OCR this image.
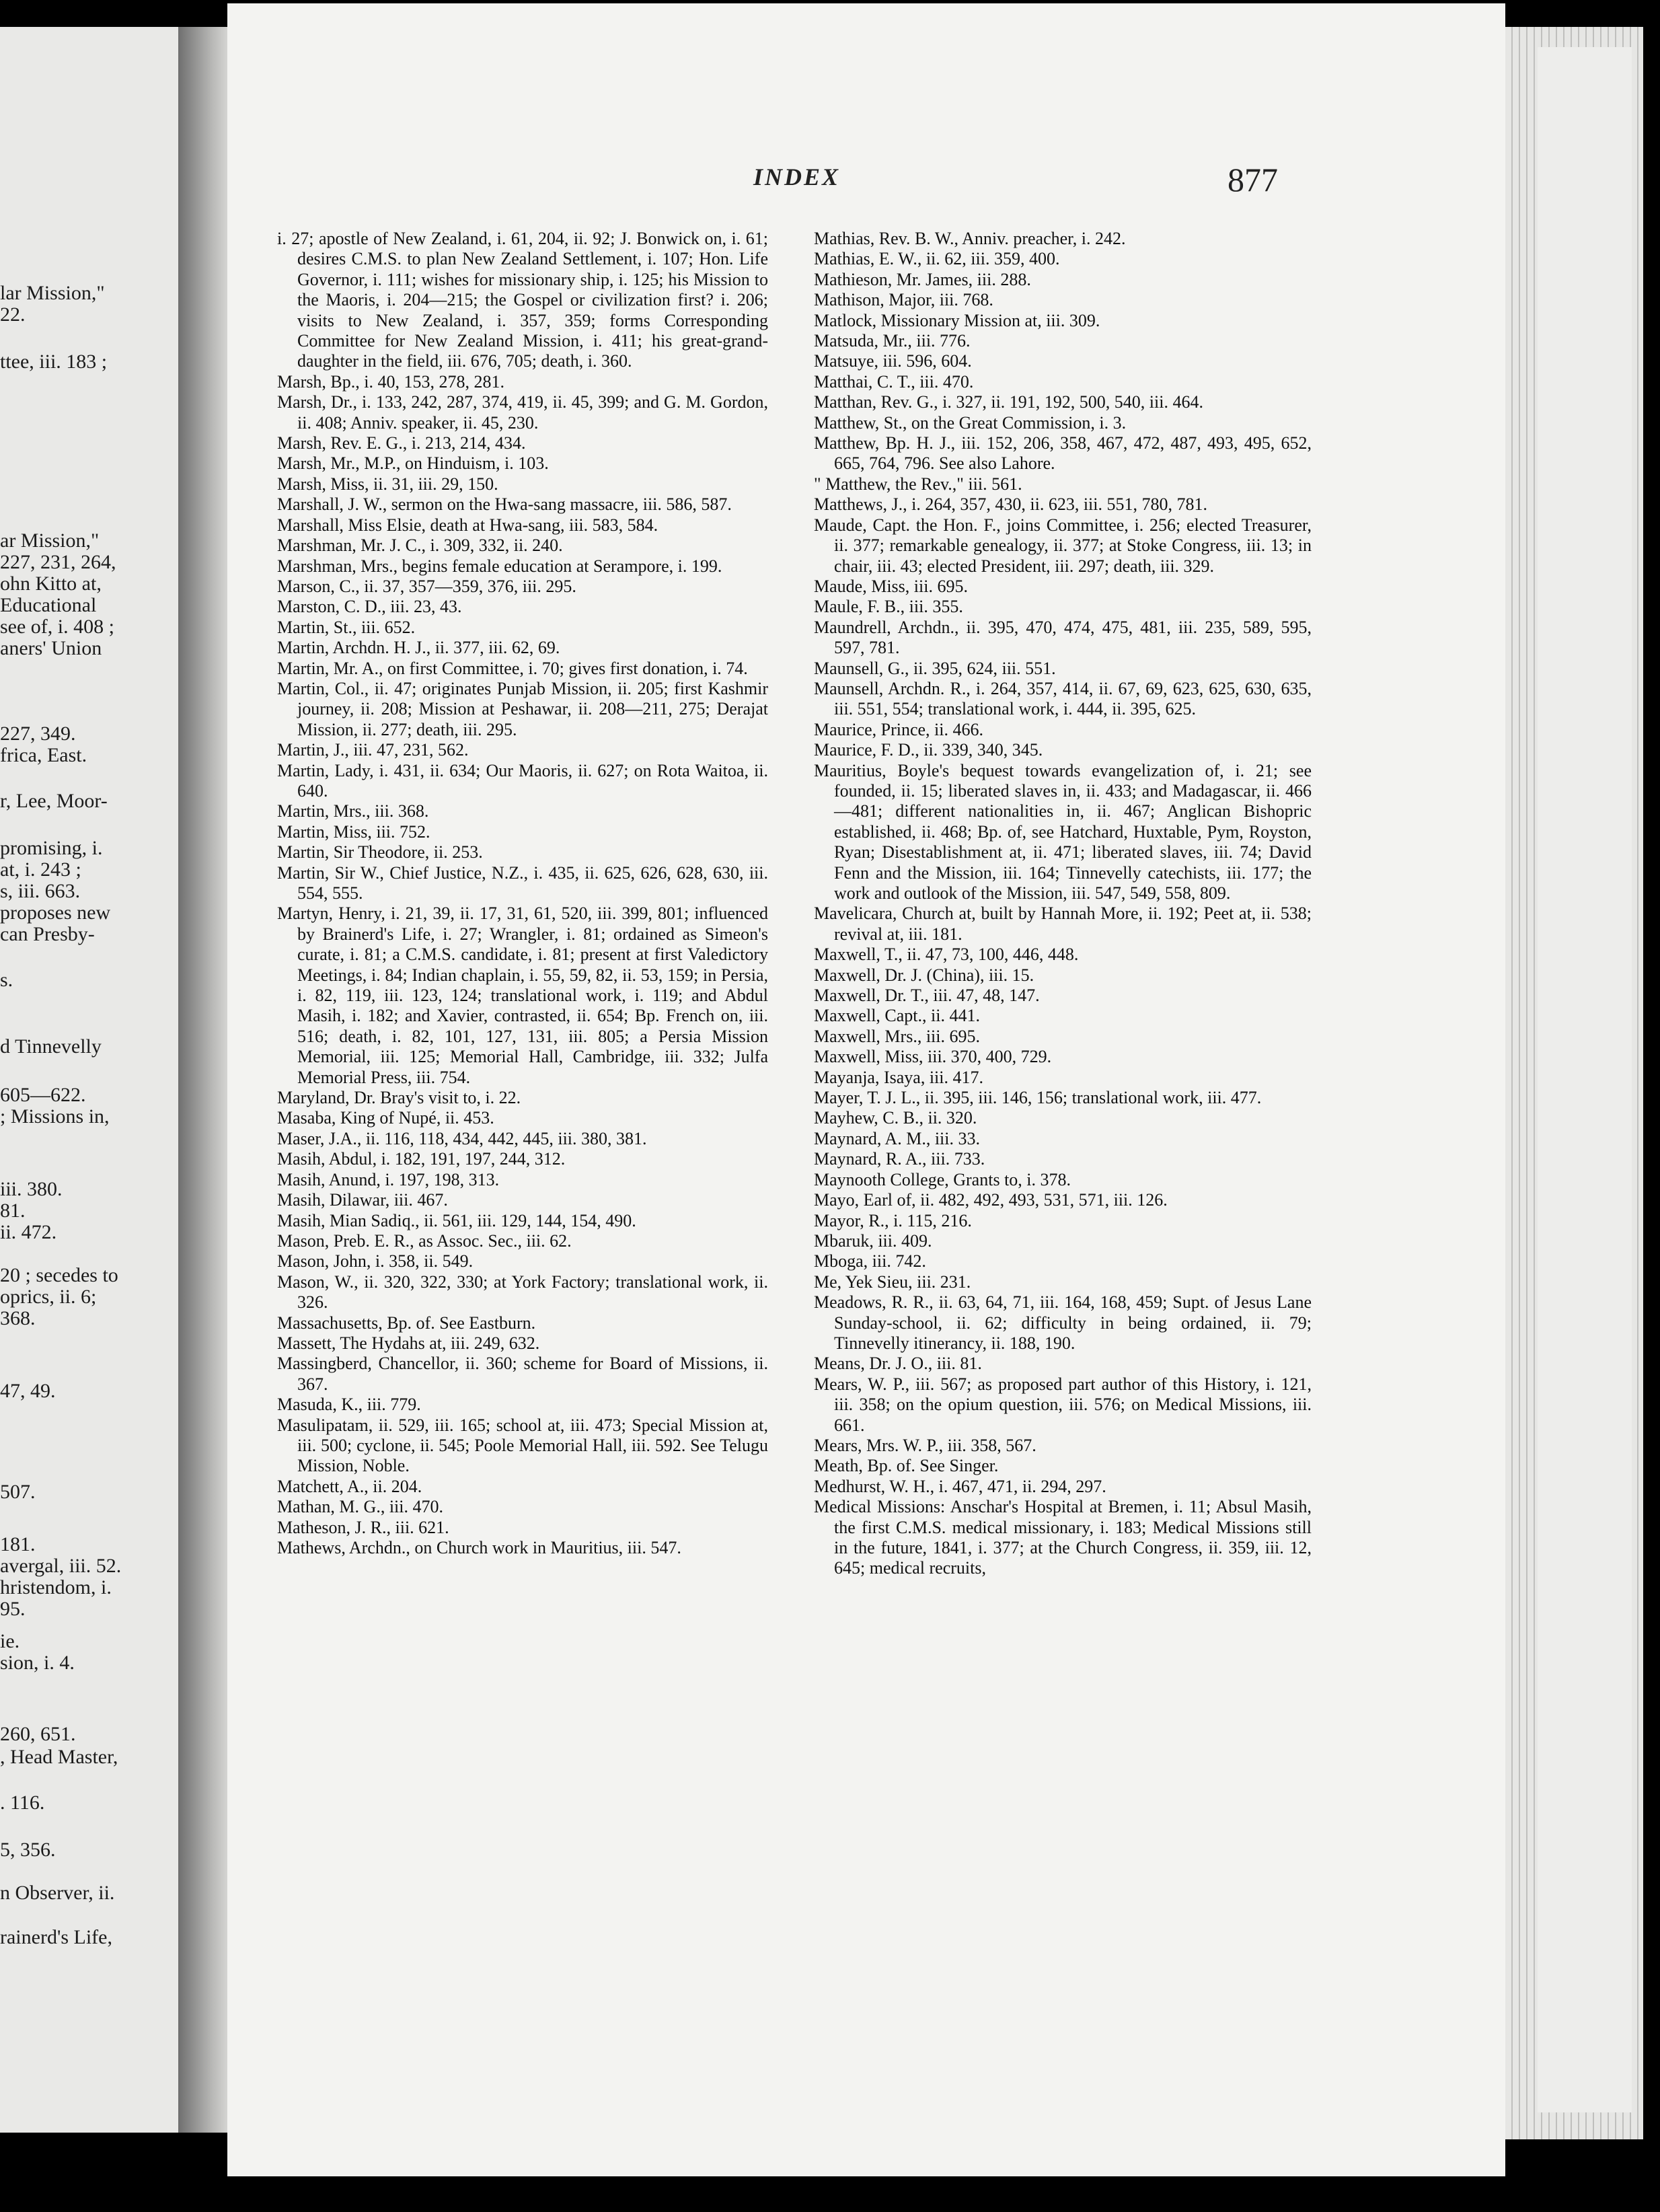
lar Mission,"
22.
ttee, iii. 183 ;
ar Mission,"
227, 231, 264,
ohn Kitto at,
Educational
see of, i. 408 ;
aners' Union
227, 349.
frica, East.
r, Lee, Moor-
promising, i.
at, i. 243 ;
s, iii. 663.
proposes new
can Presby-
s.
d Tinnevelly
605—622.
; Missions in,
iii. 380.
81.
ii. 472.
20 ; secedes to
oprics, ii. 6;
368.
47, 49.
507.
181.
avergal, iii. 52.
hristendom, i.
95.
ie.
sion, i. 4.
260, 651.
, Head Master,
. 116.
5, 356.
n Observer, ii.
rainerd's Life,
INDEX	877

i. 27; apostle of New Zealand, i. 61, 204, ii. 92; J. Bonwick on, i. 61; desires C.M.S. to plan New Zealand Settlement, i. 107; Hon. Life Governor, i. 111; wishes for missionary ship, i. 125; his Mission to the Maoris, i. 204—215; the Gospel or civilization first? i. 206; visits to New Zealand, i. 357, 359; forms Corresponding Committee for New Zealand Mission, i. 411; his great-grand-daughter in the field, iii. 676, 705; death, i. 360.

Marsh, Bp., i. 40, 153, 278, 281.

Marsh, Dr., i. 133, 242, 287, 374, 419, ii. 45, 399; and G. M. Gordon, ii. 408; Anniv. speaker, ii. 45, 230.

Marsh, Rev. E. G., i. 213, 214, 434.

Marsh, Mr., M.P., on Hinduism, i. 103.

Marsh, Miss, ii. 31, iii. 29, 150.

Marshall, J. W., sermon on the Hwa-sang massacre, iii. 586, 587.

Marshall, Miss Elsie, death at Hwa-sang, iii. 583, 584.

Marshman, Mr. J. C., i. 309, 332, ii. 240.

Marshman, Mrs., begins female education at Serampore, i. 199.

Marson, C., ii. 37, 357—359, 376, iii. 295.

Marston, C. D., iii. 23, 43.

Martin, St., iii. 652.

Martin, Archdn. H. J., ii. 377, iii. 62, 69.

Martin, Mr. A., on first Committee, i. 70; gives first donation, i. 74.

Martin, Col., ii. 47; originates Punjab Mission, ii. 205; first Kashmir journey, ii. 208; Mission at Peshawar, ii. 208—211, 275; Derajat Mission, ii. 277; death, iii. 295.

Martin, J., iii. 47, 231, 562.

Martin, Lady, i. 431, ii. 634; Our Maoris, ii. 627; on Rota Waitoa, ii. 640.

Martin, Mrs., iii. 368.

Martin, Miss, iii. 752.

Martin, Sir Theodore, ii. 253.

Martin, Sir W., Chief Justice, N.Z., i. 435, ii. 625, 626, 628, 630, iii. 554, 555.

Martyn, Henry, i. 21, 39, ii. 17, 31, 61, 520, iii. 399, 801; influenced by Brainerd's Life, i. 27; Wrangler, i. 81; ordained as Simeon's curate, i. 81; a C.M.S. candidate, i. 81; present at first Valedictory Meetings, i. 84; Indian chaplain, i. 55, 59, 82, ii. 53, 159; in Persia, i. 82, 119, iii. 123, 124; translational work, i. 119; and Abdul Masih, i. 182; and Xavier, contrasted, ii. 654; Bp. French on, iii. 516; death, i. 82, 101, 127, 131, iii. 805; a Persia Mission Memorial, iii. 125; Memorial Hall, Cambridge, iii. 332; Julfa Memorial Press, iii. 754.

Maryland, Dr. Bray's visit to, i. 22.

Masaba, King of Nupé, ii. 453.

Maser, J.A., ii. 116, 118, 434, 442, 445, iii. 380, 381.

Masih, Abdul, i. 182, 191, 197, 244, 312.

Masih, Anund, i. 197, 198, 313.

Masih, Dilawar, iii. 467.

Masih, Mian Sadiq., ii. 561, iii. 129, 144, 154, 490.

Mason, Preb. E. R., as Assoc. Sec., iii. 62.

Mason, John, i. 358, ii. 549.

Mason, W., ii. 320, 322, 330; at York Factory; translational work, ii. 326.

Massachusetts, Bp. of. See Eastburn.

Massett, The Hydahs at, iii. 249, 632.

Massingberd, Chancellor, ii. 360; scheme for Board of Missions, ii. 367.

Masuda, K., iii. 779.

Masulipatam, ii. 529, iii. 165; school at, iii. 473; Special Mission at, iii. 500; cyclone, ii. 545; Poole Memorial Hall, iii. 592. See Telugu Mission, Noble.

Matchett, A., ii. 204.

Mathan, M. G., iii. 470.

Matheson, J. R., iii. 621.

Mathews, Archdn., on Church work in Mauritius, iii. 547.

Mathias, Rev. B. W., Anniv. preacher, i. 242.

Mathias, E. W., ii. 62, iii. 359, 400.

Mathieson, Mr. James, iii. 288.

Mathison, Major, iii. 768.

Matlock, Missionary Mission at, iii. 309.

Matsuda, Mr., iii. 776.

Matsuye, iii. 596, 604.

Matthai, C. T., iii. 470.

Matthan, Rev. G., i. 327, ii. 191, 192, 500, 540, iii. 464.

Matthew, St., on the Great Commission, i. 3.

Matthew, Bp. H. J., iii. 152, 206, 358, 467, 472, 487, 493, 495, 652, 665, 764, 796. See also Lahore.

" Matthew, the Rev.," iii. 561.

Matthews, J., i. 264, 357, 430, ii. 623, iii. 551, 780, 781.

Maude, Capt. the Hon. F., joins Committee, i. 256; elected Treasurer, ii. 377; remarkable genealogy, ii. 377; at Stoke Congress, iii. 13; in chair, iii. 43; elected President, iii. 297; death, iii. 329.

Maude, Miss, iii. 695.

Maule, F. B., iii. 355.

Maundrell, Archdn., ii. 395, 470, 474, 475, 481, iii. 235, 589, 595, 597, 781.

Maunsell, G., ii. 395, 624, iii. 551.

Maunsell, Archdn. R., i. 264, 357, 414, ii. 67, 69, 623, 625, 630, 635, iii. 551, 554; translational work, i. 444, ii. 395, 625.

Maurice, Prince, ii. 466.

Maurice, F. D., ii. 339, 340, 345.

Mauritius, Boyle's bequest towards evangelization of, i. 21; see founded, ii. 15; liberated slaves in, ii. 433; and Madagascar, ii. 466—481; different nationalities in, ii. 467; Anglican Bishopric established, ii. 468; Bp. of, see Hatchard, Huxtable, Pym, Royston, Ryan; Disestablishment at, ii. 471; liberated slaves, iii. 74; David Fenn and the Mission, iii. 164; Tinnevelly catechists, iii. 177; the work and outlook of the Mission, iii. 547, 549, 558, 809.

Mavelicara, Church at, built by Hannah More, ii. 192; Peet at, ii. 538; revival at, iii. 181.

Maxwell, T., ii. 47, 73, 100, 446, 448.

Maxwell, Dr. J. (China), iii. 15.

Maxwell, Dr. T., iii. 47, 48, 147.

Maxwell, Capt., ii. 441.

Maxwell, Mrs., iii. 695.

Maxwell, Miss, iii. 370, 400, 729.

Mayanja, Isaya, iii. 417.

Mayer, T. J. L., ii. 395, iii. 146, 156; translational work, iii. 477.

Mayhew, C. B., ii. 320.

Maynard, A. M., iii. 33.

Maynard, R. A., iii. 733.

Maynooth College, Grants to, i. 378.

Mayo, Earl of, ii. 482, 492, 493, 531, 571, iii. 126.

Mayor, R., i. 115, 216.

Mbaruk, iii. 409.

Mboga, iii. 742.

Me, Yek Sieu, iii. 231.

Meadows, R. R., ii. 63, 64, 71, iii. 164, 168, 459; Supt. of Jesus Lane Sunday-school, ii. 62; difficulty in being ordained, ii. 79; Tinnevelly itinerancy, ii. 188, 190.

Means, Dr. J. O., iii. 81.

Mears, W. P., iii. 567; as proposed part author of this History, i. 121, iii. 358; on the opium question, iii. 576; on Medical Missions, iii. 661.

Mears, Mrs. W. P., iii. 358, 567.

Meath, Bp. of. See Singer.

Medhurst, W. H., i. 467, 471, ii. 294, 297.

Medical Missions: Anschar's Hospital at Bremen, i. 11; Absul Masih, the first C.M.S. medical missionary, i. 183; Medical Missions still in the future, 1841, i. 377; at the Church Congress, ii. 359, iii. 12, 645; medical recruits,
